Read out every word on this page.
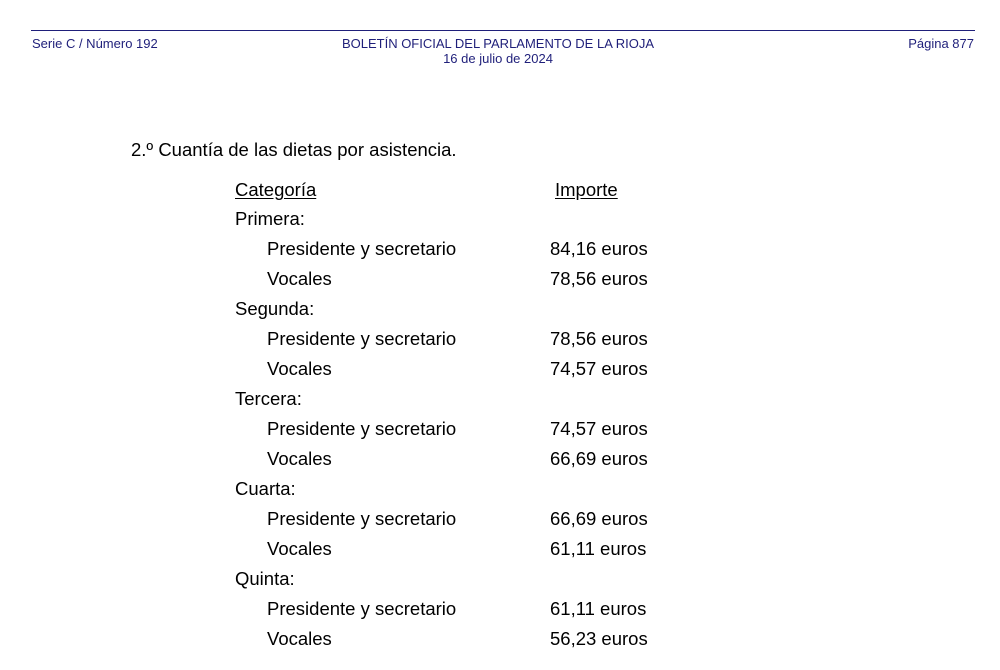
Serie C / Número 192	BOLETÍN OFICIAL DEL PARLAMENTO DE LA RIOJA
16 de julio de 2024
Página 877
2.º Cuantía de las dietas por asistencia.
Categoría	Importe
Primera:
Presidente y secretario	84,16 euros
Vocales	78,56 euros
Segunda:
Presidente y secretario	78,56 euros
Vocales	74,57 euros
Tercera:
Presidente y secretario	74,57 euros
Vocales	66,69 euros
Cuarta:
Presidente y secretario	66,69 euros
Vocales	61,11 euros
Quinta:
Presidente y secretario	61,11 euros
Vocales	56,23 euros
